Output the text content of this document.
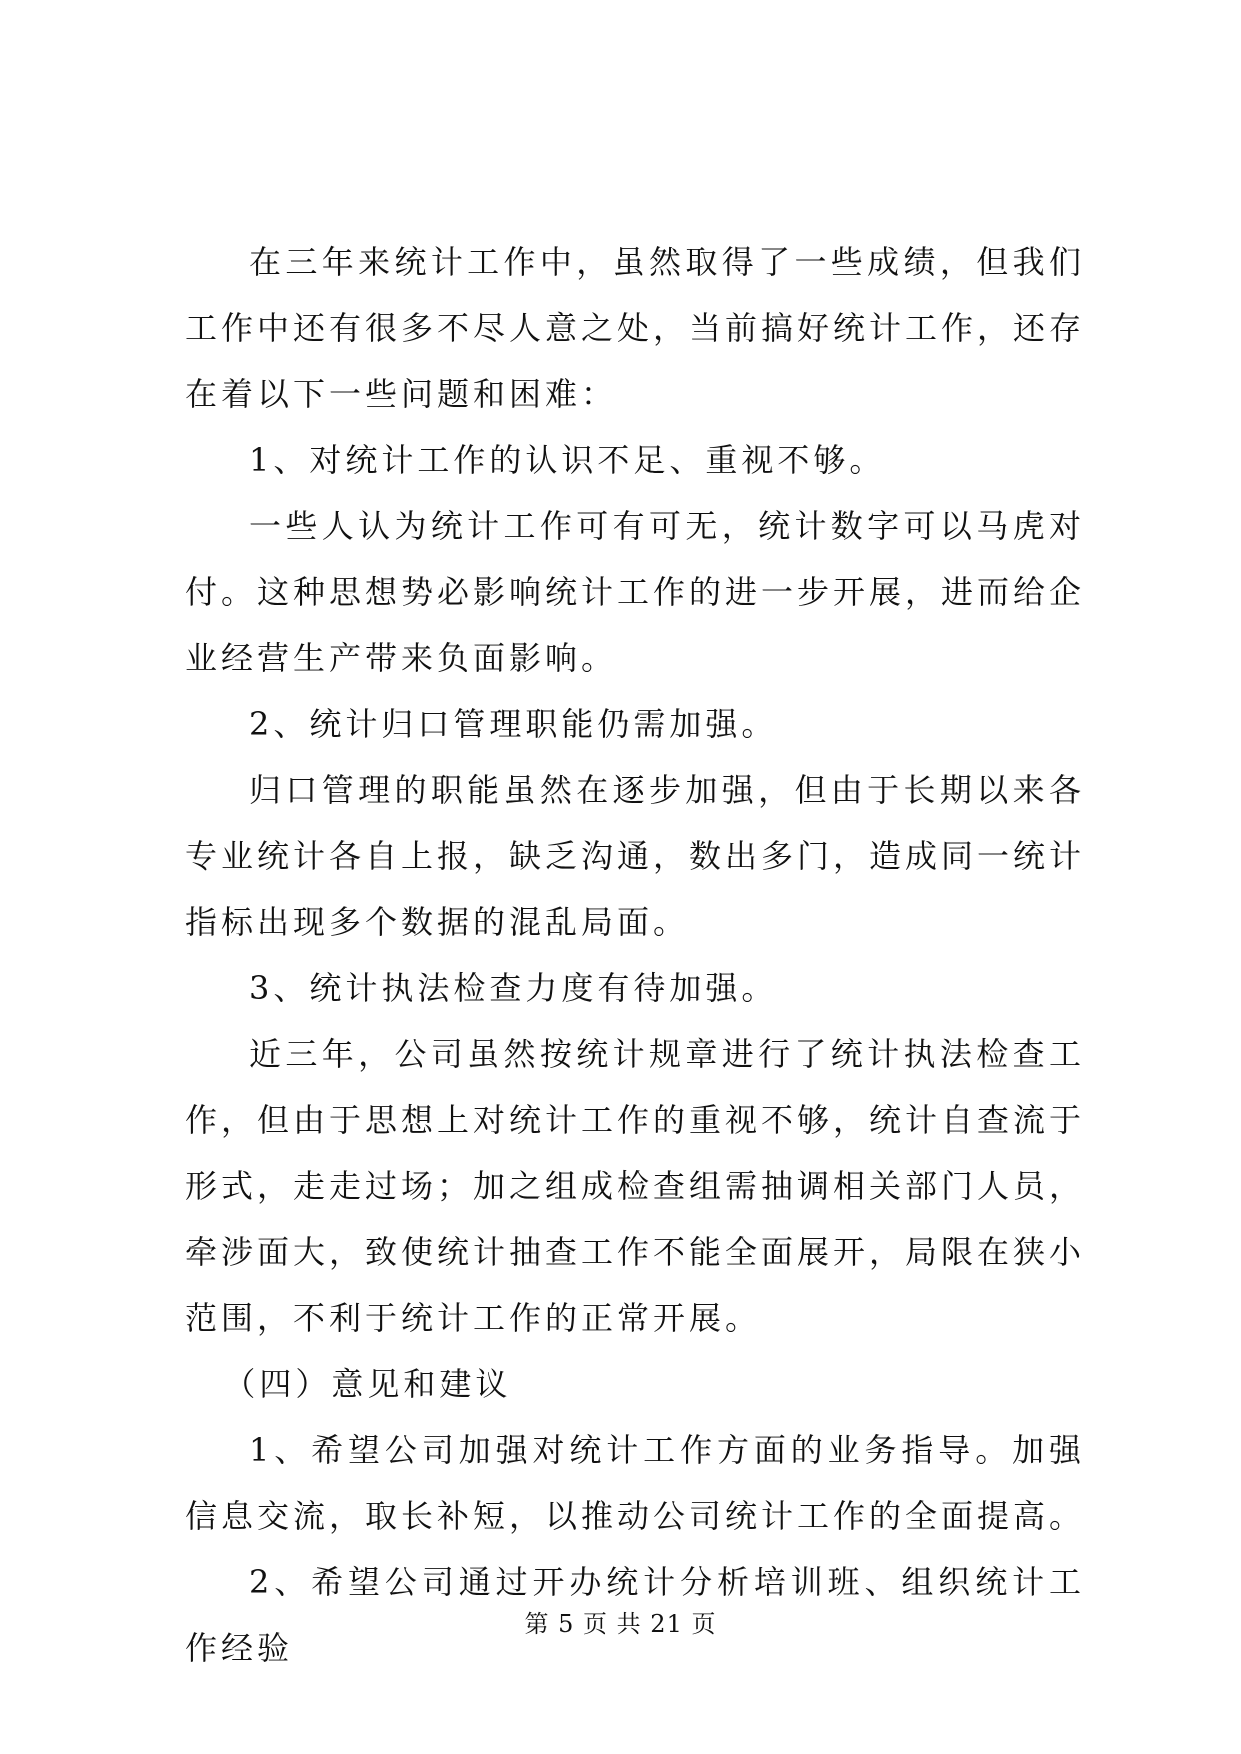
在三年来统计工作中，虽然取得了一些成绩，但我们工作中还有很多不尽人意之处，当前搞好统计工作，还存在着以下一些问题和困难：

1、对统计工作的认识不足、重视不够。

一些人认为统计工作可有可无，统计数字可以马虎对付。这种思想势必影响统计工作的进一步开展，进而给企业经营生产带来负面影响。

2、统计归口管理职能仍需加强。

归口管理的职能虽然在逐步加强，但由于长期以来各专业统计各自上报，缺乏沟通，数出多门，造成同一统计指标出现多个数据的混乱局面。

3、统计执法检查力度有待加强。

近三年，公司虽然按统计规章进行了统计执法检查工作，但由于思想上对统计工作的重视不够，统计自查流于形式，走走过场；加之组成检查组需抽调相关部门人员，牵涉面大，致使统计抽查工作不能全面展开，局限在狭小范围，不利于统计工作的正常开展。

（四）意见和建议

1、希望公司加强对统计工作方面的业务指导。加强信息交流，取长补短，以推动公司统计工作的全面提高。

2、希望公司通过开办统计分析培训班、组织统计工作经验

第 5 页 共 21 页
